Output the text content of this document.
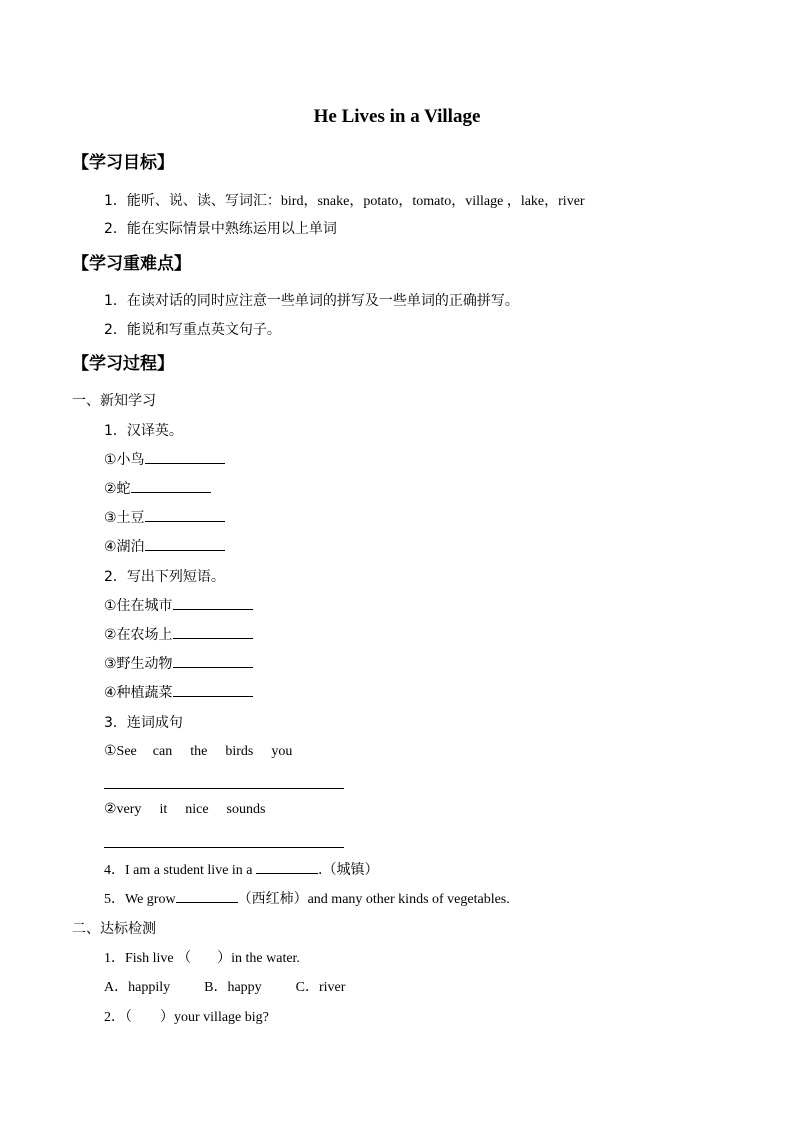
He Lives in a Village
【学习目标】
1．能听、说、读、写词汇：bird，snake，potato，tomato，village ，lake，river
2．能在实际情景中熟练运用以上单词
【学习重难点】
1．在读对话的同时应注意一些单词的拼写及一些单词的正确拼写。
2．能说和写重点英文句子。
【学习过程】
一、新知学习
1．汉译英。
①小鸟
②蛇
③土豆
④湖泊
2．写出下列短语。
①住在城市
②在农场上
③野生动物
④种植蔬菜
3．连词成句
①See can the birds you
②very it nice sounds
4．I am a student live in a	.（城镇）
5．We grow	（西红柿）and many other kinds of vegetables.
二、达标检测
1．Fish live （ ）in the water.
A．happily B．happy C．river
2．（ ）your village big?
